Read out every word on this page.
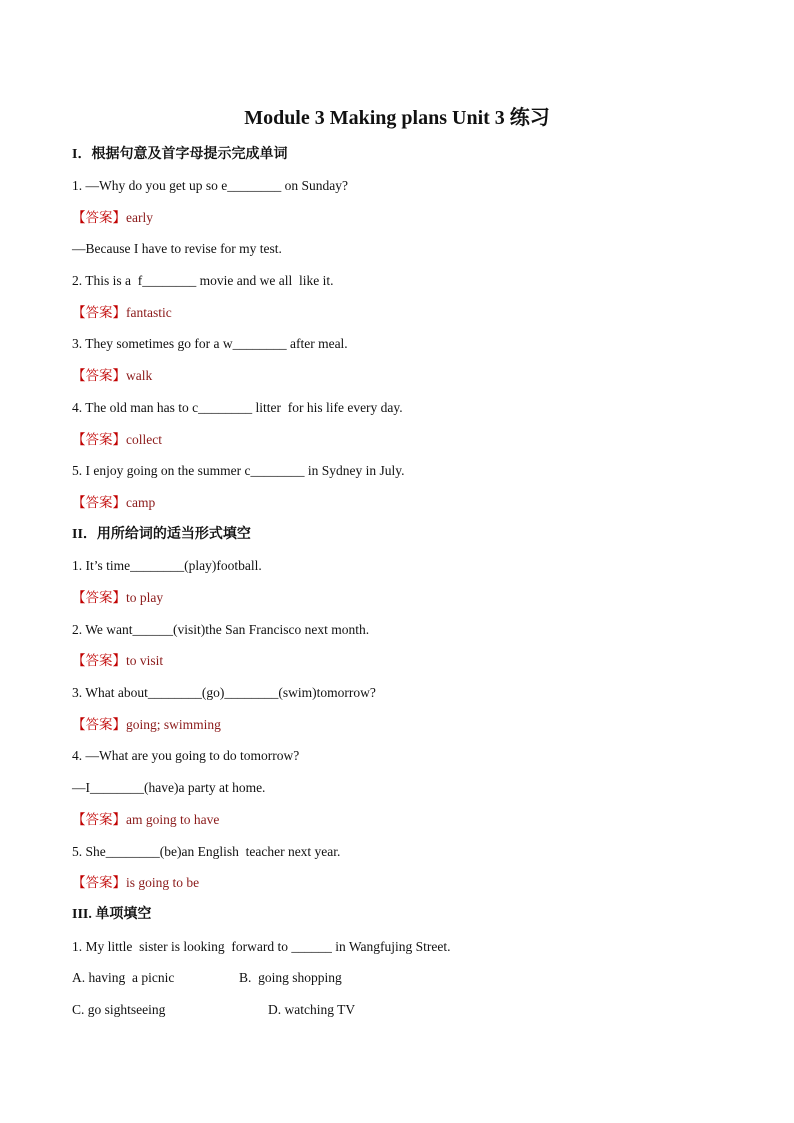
Module 3 Making plans Unit 3 练习
I．根据句意及首字母提示完成单词
1. —Why do you get up so e________ on Sunday?
【答案】early
—Because I have to revise for my test.
2. This is a  f________ movie and we all  like it.
【答案】fantastic
3. They sometimes go for a w________ after meal.
【答案】walk
4. The old man has to c________ litter  for his life every day.
【答案】collect
5. I enjoy going on the summer c________ in Sydney in July.
【答案】camp
II．用所给词的适当形式填空
1. It’s time________(play)football.
【答案】to play
2. We want______(visit)the San Francisco next month.
【答案】to visit
3. What about________(go)________(swim)tomorrow?
【答案】going; swimming
4. —What are you going to do tomorrow?
—I________(have)a party at home.
【答案】am going to have
5. She________(be)an English  teacher next year.
【答案】is going to be
III. 单项填空
1. My little  sister is looking  forward to ______ in Wangfujing Street.
A. having  a picnic	B.  going shopping
C. go sightseeing	D. watching TV
